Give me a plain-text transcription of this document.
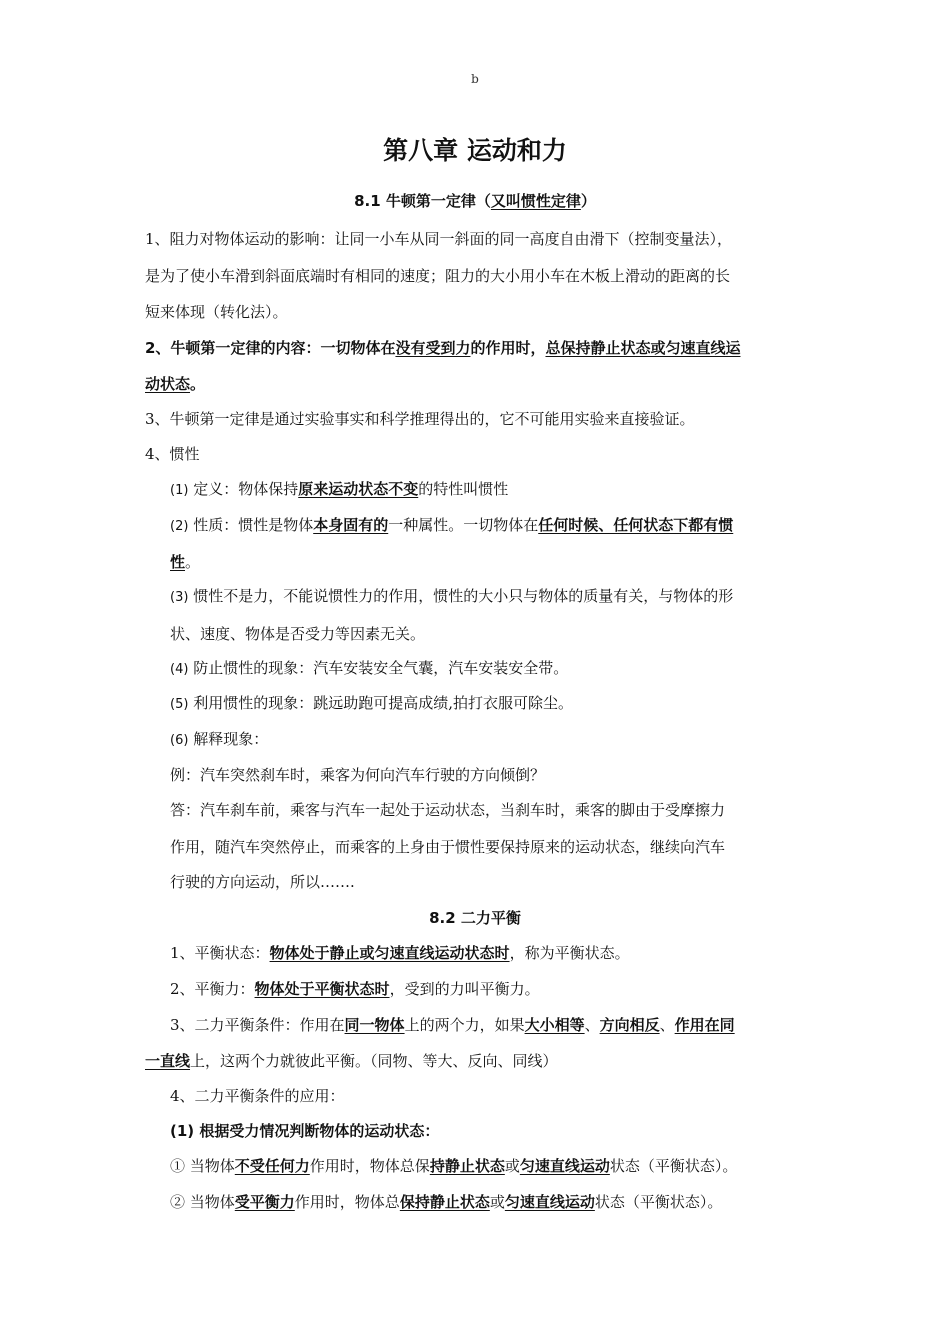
b
第八章 运动和力
8.1 牛顿第一定律（又叫惯性定律）
1、阻力对物体运动的影响：让同一小车从同一斜面的同一高度自由滑下（控制变量法），
是为了使小车滑到斜面底端时有相同的速度；阻力的大小用小车在木板上滑动的距离的长
短来体现（转化法）。
2、牛顿第一定律的内容：一切物体在没有受到力的作用时，总保持静止状态或匀速直线运
动状态。
3、牛顿第一定律是通过实验事实和科学推理得出的，它不可能用实验来直接验证。
4、惯性
(1) 定义：物体保持原来运动状态不变的特性叫惯性
(2) 性质：惯性是物体本身固有的一种属性。一切物体在任何时候、任何状态下都有惯
性。
(3) 惯性不是力，不能说惯性力的作用，惯性的大小只与物体的质量有关，与物体的形
状、速度、物体是否受力等因素无关。
(4) 防止惯性的现象：汽车安装安全气囊，汽车安装安全带。
(5) 利用惯性的现象：跳远助跑可提高成绩,拍打衣服可除尘。
(6) 解释现象：
例：汽车突然刹车时，乘客为何向汽车行驶的方向倾倒？
答：汽车刹车前，乘客与汽车一起处于运动状态，当刹车时，乘客的脚由于受摩擦力
作用，随汽车突然停止，而乘客的上身由于惯性要保持原来的运动状态，继续向汽车
行驶的方向运动，所以…….
8.2 二力平衡
1、平衡状态：物体处于静止或匀速直线运动状态时，称为平衡状态。
2、平衡力：物体处于平衡状态时，受到的力叫平衡力。
3、二力平衡条件：作用在同一物体上的两个力，如果大小相等、方向相反、作用在同
一直线上，这两个力就彼此平衡。（同物、等大、反向、同线）
4、二力平衡条件的应用：
(1) 根据受力情况判断物体的运动状态：
① 当物体不受任何力作用时，物体总保持静止状态或匀速直线运动状态（平衡状态）。
② 当物体受平衡力作用时，物体总保持静止状态或匀速直线运动状态（平衡状态）。
